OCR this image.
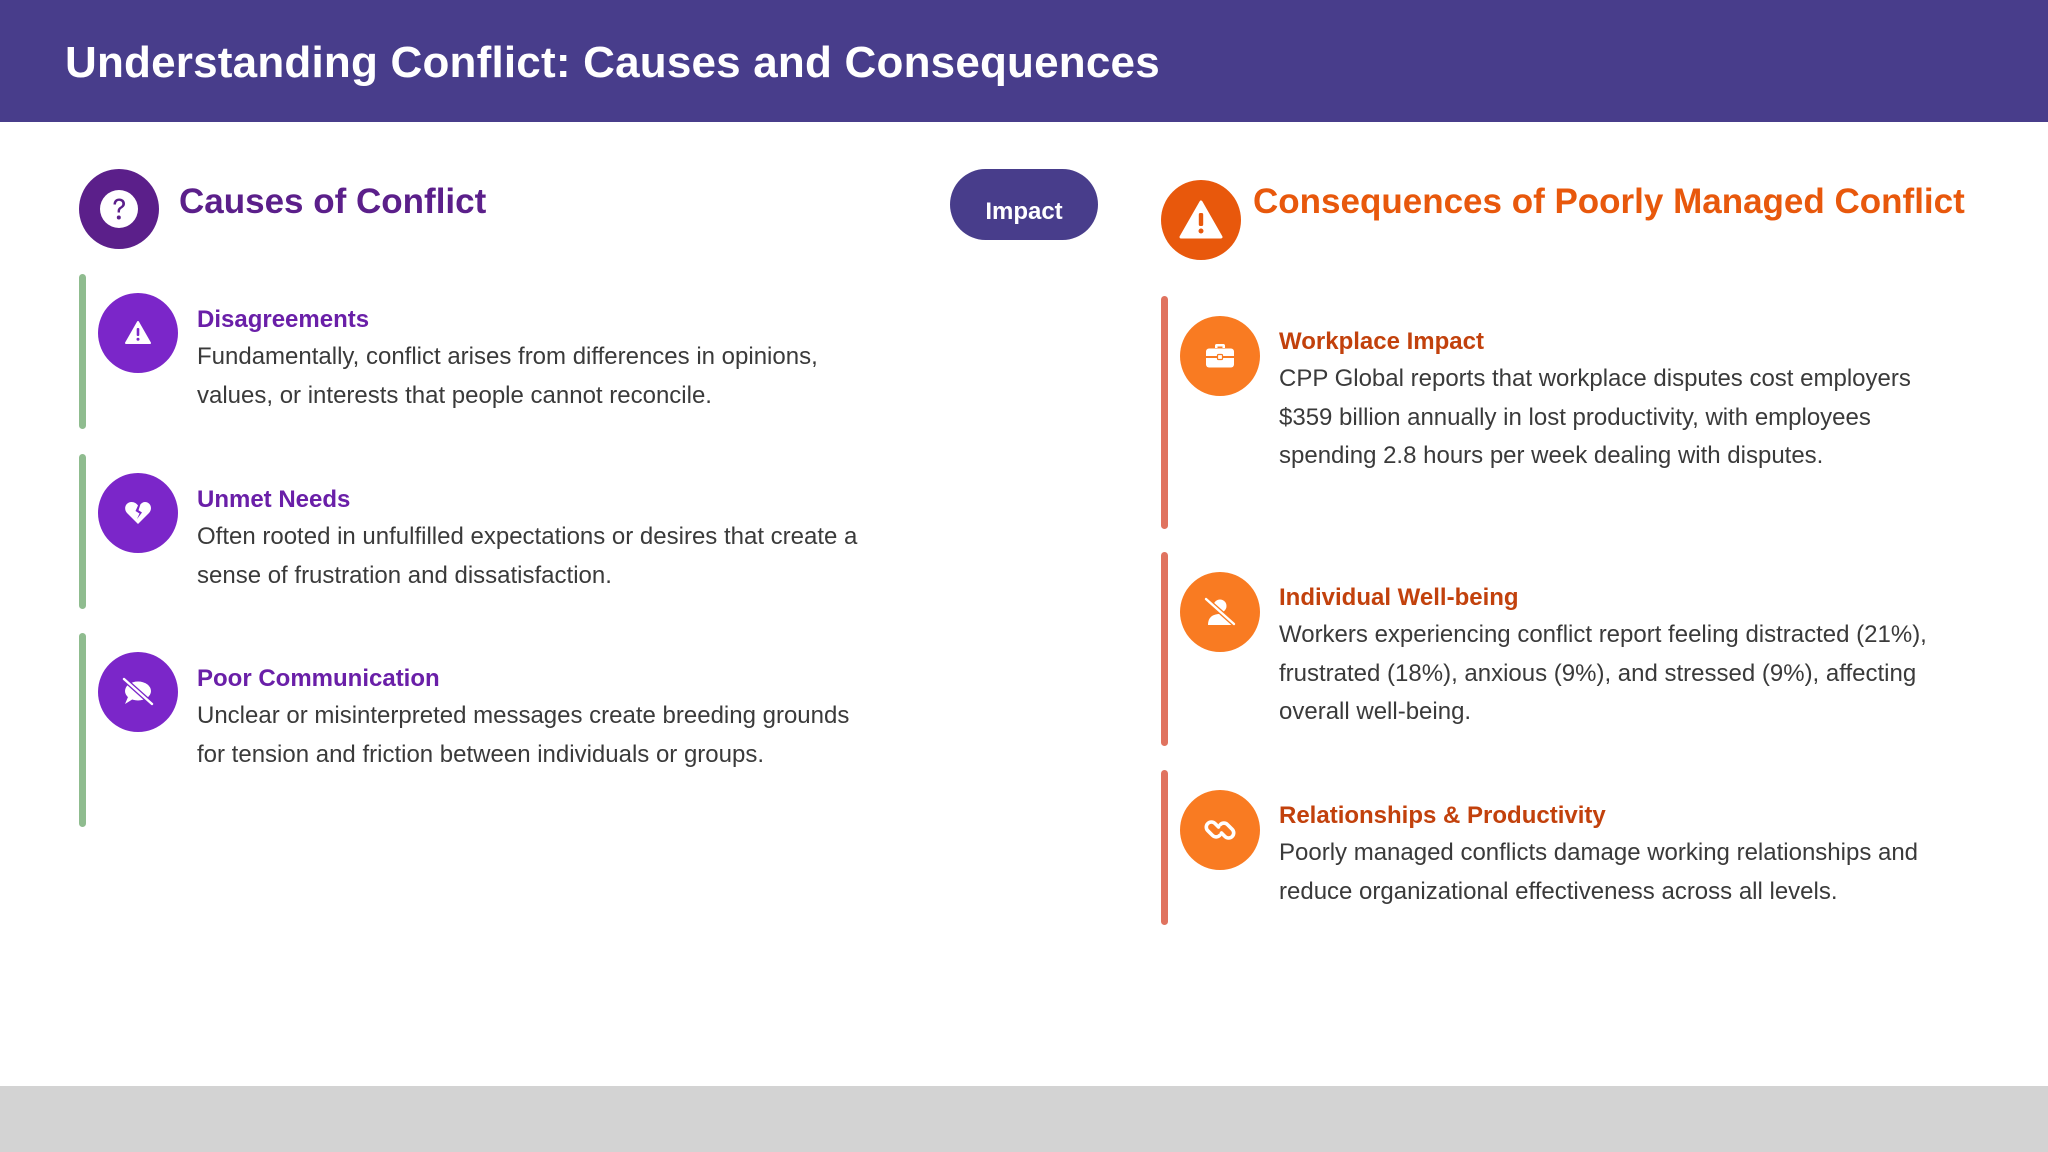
Understanding Conflict: Causes and Consequences
Causes of Conflict	Impact	Consequences of Poorly Managed Conflict
Disagreements
Fundamentally, conflict arises from differences in opinions,
values, or interests that people cannot reconcile.
Unmet Needs
Often rooted in unfulfilled expectations or desires that create a
sense of frustration and dissatisfaction.
Poor Communication
Unclear or misinterpreted messages create breeding grounds
for tension and friction between individuals or groups.
Workplace Impact
CPP Global reports that workplace disputes cost employers
$359 billion annually in lost productivity, with employees
spending 2.8 hours per week dealing with disputes.
Individual Well-being
Workers experiencing conflict report feeling distracted (21%),
frustrated (18%), anxious (9%), and stressed (9%), affecting
overall well-being.
Relationships & Productivity
Poorly managed conflicts damage working relationships and
reduce organizational effectiveness across all levels.
